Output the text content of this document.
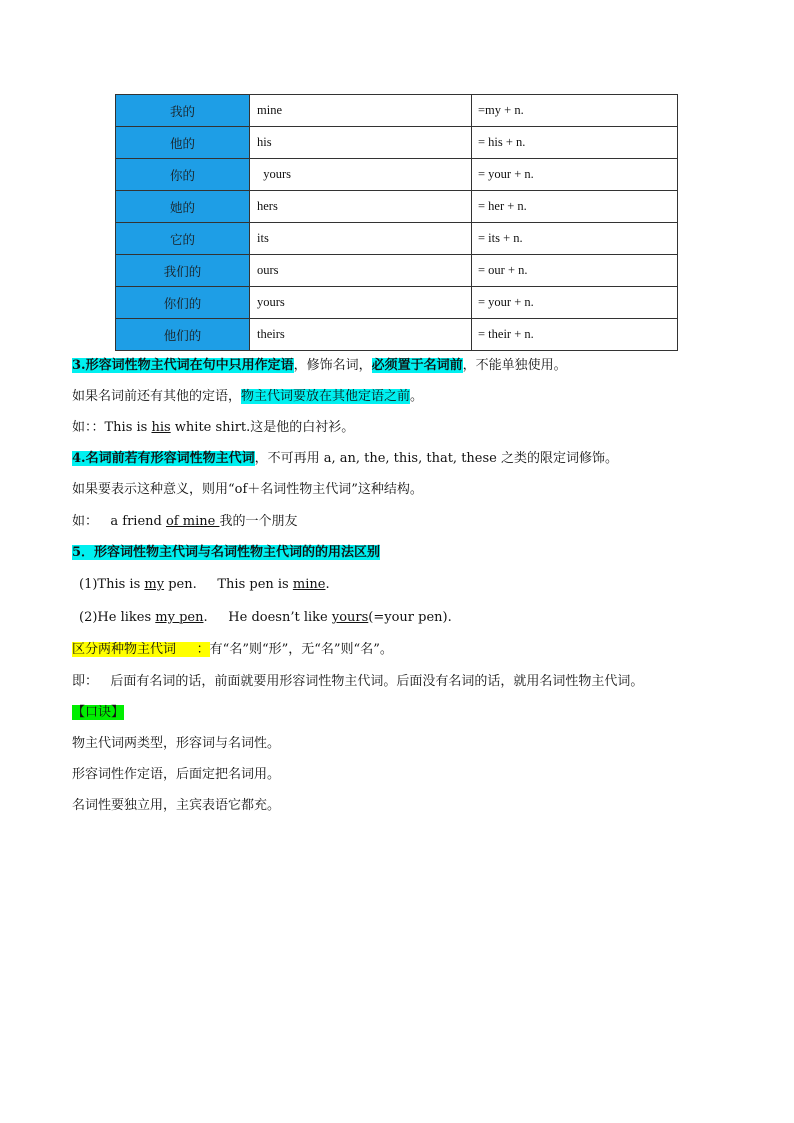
我的	mine	=my + n.
他的	his	= his + n.
你的	yours	= your + n.
她的	hers	= her + n.
它的	its	= its + n.
我们的	ours	= our + n.
你们的	yours	= your + n.
他们的	theirs	= their + n.
3.形容词性物主代词在句中只用作定语，修饰名词，必须置于名词前，不能单独使用。
如果名词前还有其他的定语，物主代词要放在其他定语之前。
如：：This is his white shirt.这是他的白衬衫。
4.名词前若有形容词性物主代词，不可再用 a, an, the, this, that, these 之类的限定词修饰。
如果要表示这种意义，则用“of＋名词性物主代词”这种结构。
如：   a friend of mine 我的一个朋友
5．形容词性物主代词与名词性物主代词的的用法区别
(1)This is my pen.     This pen is mine.
(2)He likes my pen.     He doesn’t like yours(=your pen).
区分两种物主代词     ：有“名”则“形”，无“名”则“名”。
即：   后面有名词的话，前面就要用形容词性物主代词。后面没有名词的话，就用名词性物主代词。
【口诀】
物主代词两类型，形容词与名词性。
形容词性作定语，后面定把名词用。
名词性要独立用，主宾表语它都充。
